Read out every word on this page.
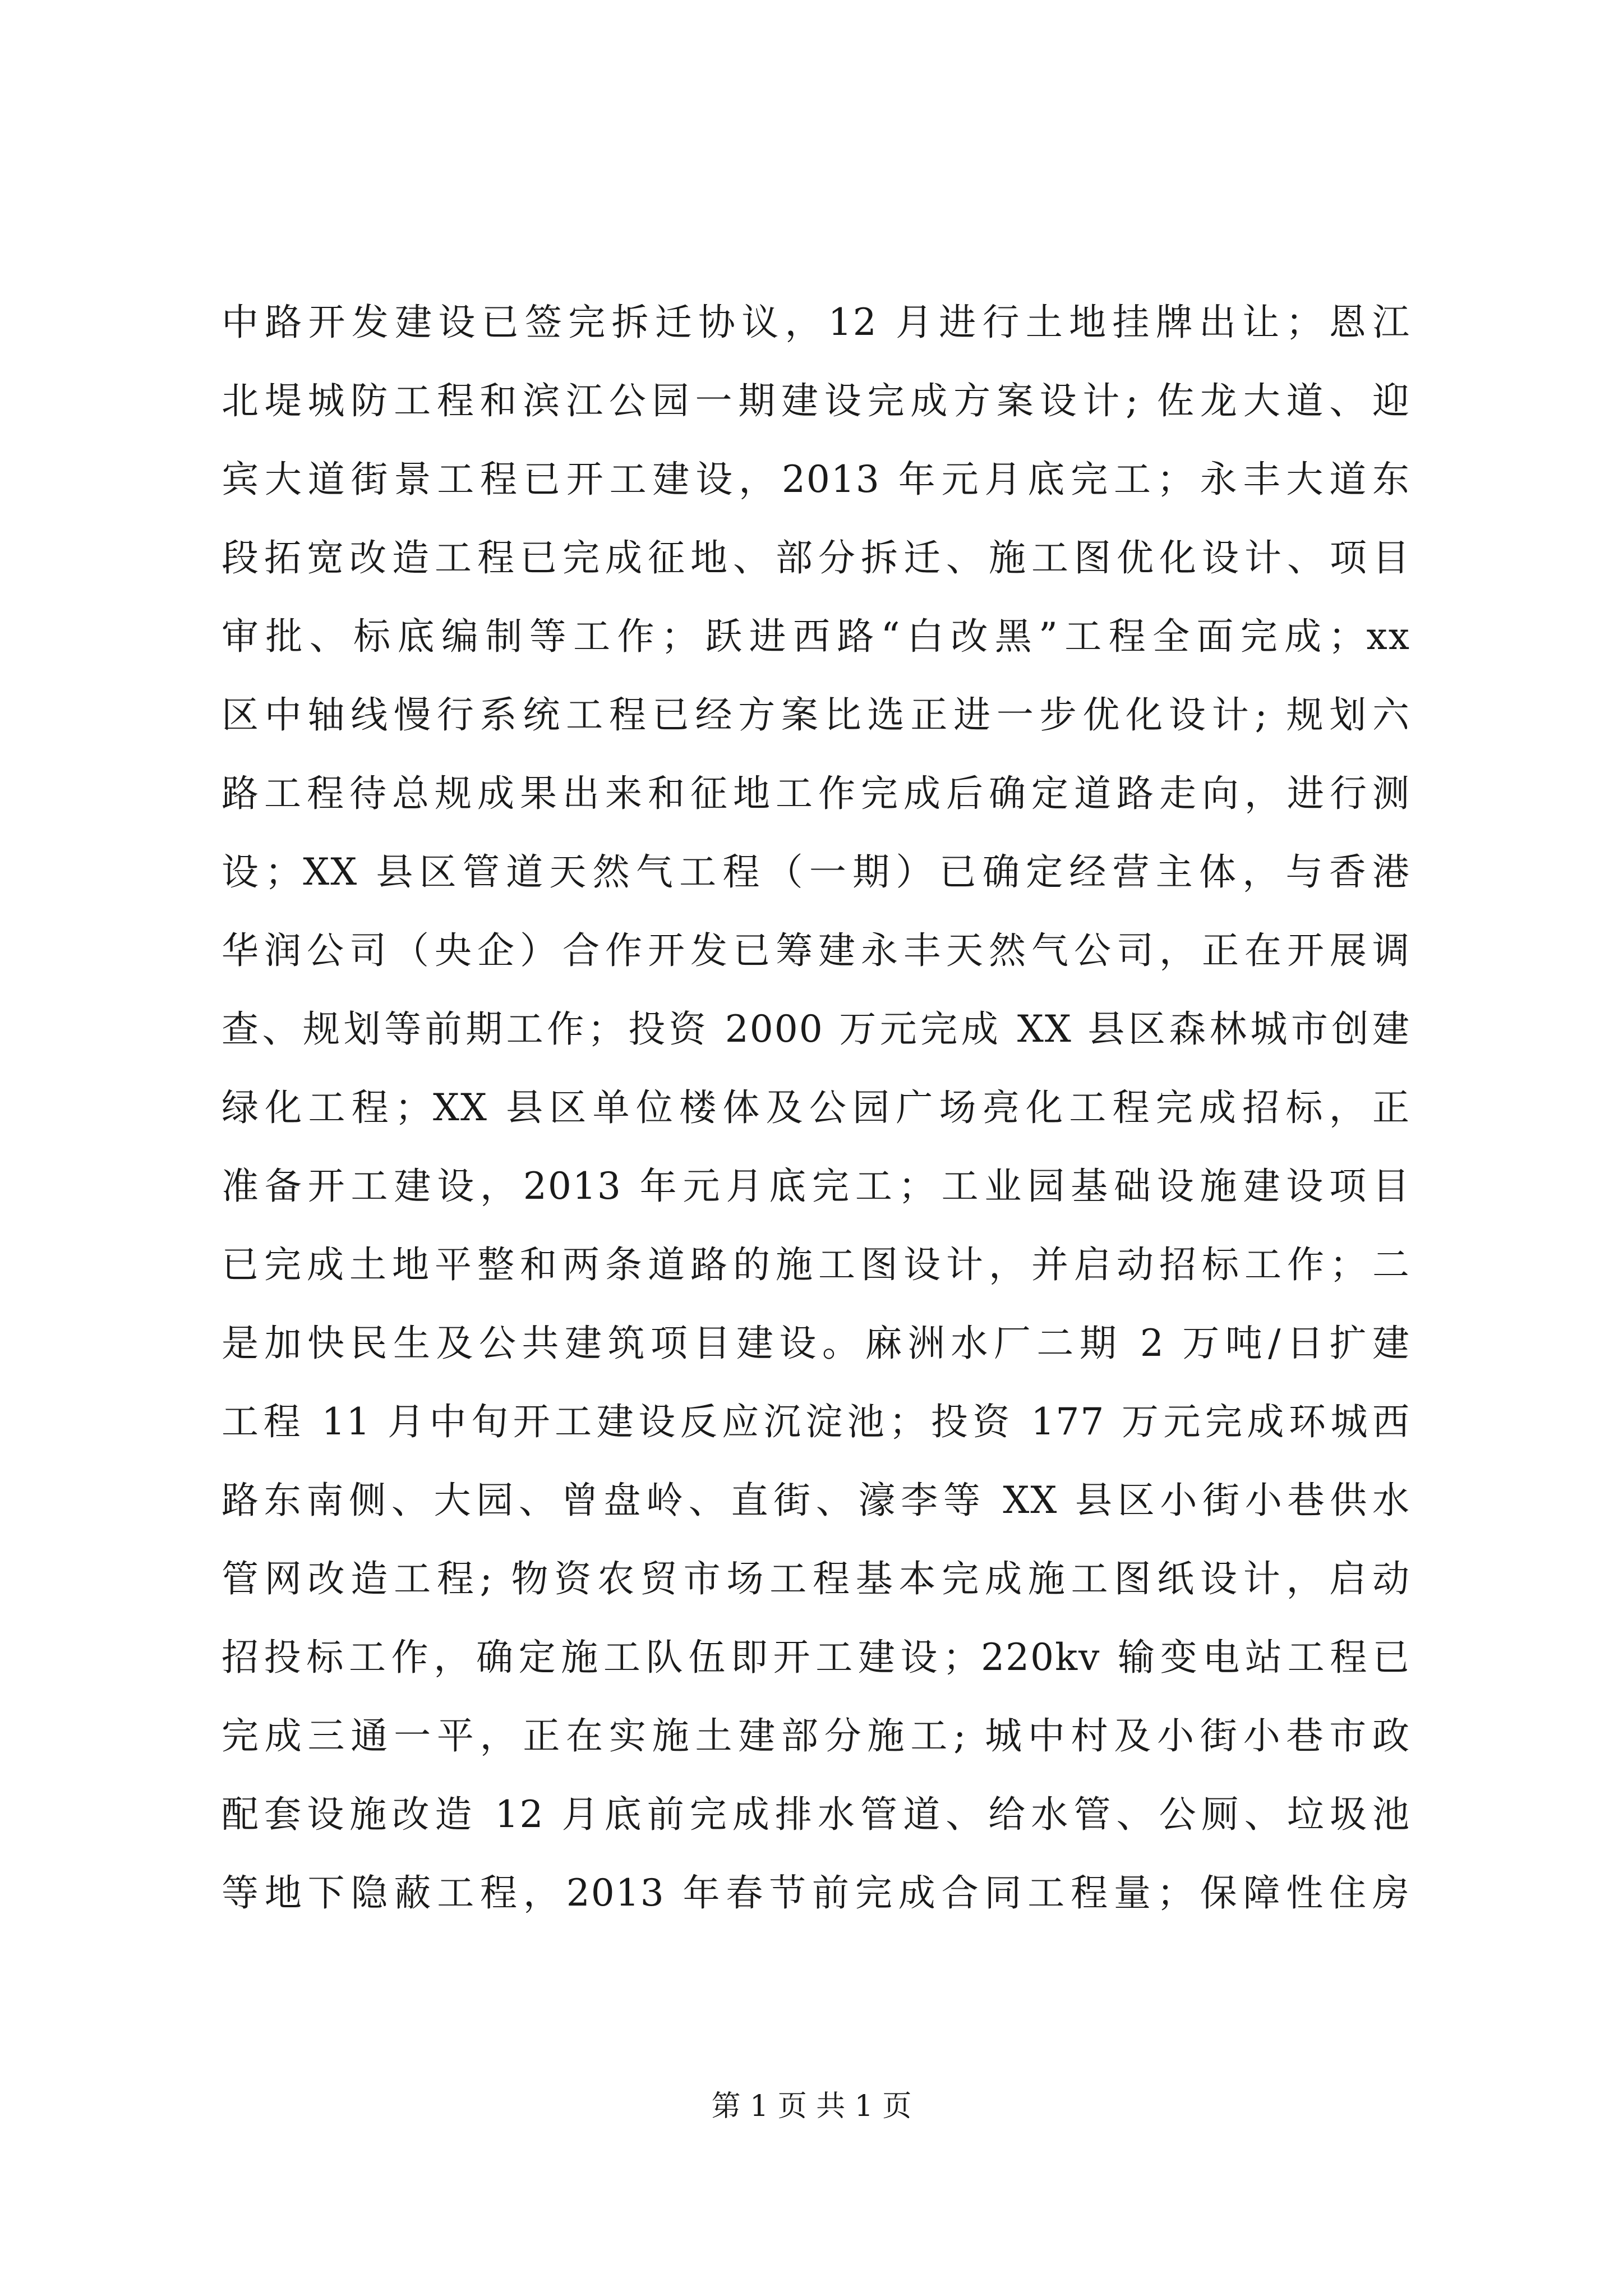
中路开发建设已签完拆迁协议，12 月进行土地挂牌出让；恩江
北堤城防工程和滨江公园一期建设完成方案设计; 佐龙大道、迎
宾大道街景工程已开工建设，2013 年元月底完工；永丰大道东
段拓宽改造工程已完成征地、部分拆迁、施工图优化设计、项目
审批、标底编制等工作；跃进西路“白改黑”工程全面完成；xx
区中轴线慢行系统工程已经方案比选正进一步优化设计; 规划六
路工程待总规成果出来和征地工作完成后确定道路走向，进行测
设；XX 县区管道天然气工程（一期）已确定经营主体，与香港
华润公司（央企）合作开发已筹建永丰天然气公司，正在开展调
查、规划等前期工作；投资 2000 万元完成 XX 县区森林城市创建
绿化工程；XX 县区单位楼体及公园广场亮化工程完成招标，正
准备开工建设，2013 年元月底完工；工业园基础设施建设项目
已完成土地平整和两条道路的施工图设计，并启动招标工作；二
是加快民生及公共建筑项目建设。麻洲水厂二期 2 万吨/日扩建
工程 11 月中旬开工建设反应沉淀池；投资 177 万元完成环城西
路东南侧、大园、曾盘岭、直街、濠李等 XX 县区小街小巷供水
管网改造工程; 物资农贸市场工程基本完成施工图纸设计，启动
招投标工作，确定施工队伍即开工建设；220kv 输变电站工程已
完成三通一平，正在实施土建部分施工; 城中村及小街小巷市政
配套设施改造 12 月底前完成排水管道、给水管、公厕、垃圾池
等地下隐蔽工程，2013 年春节前完成合同工程量；保障性住房
第 1 页 共 1 页
